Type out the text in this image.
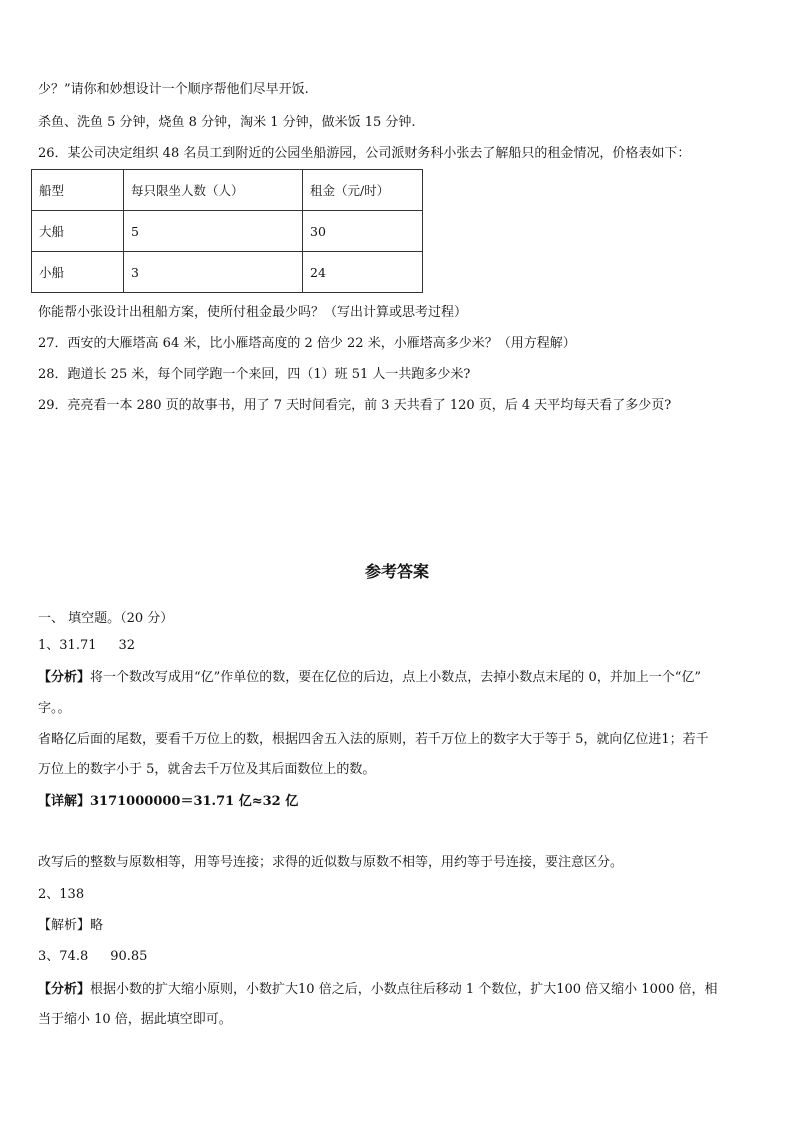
少？”请你和妙想设计一个顺序帮他们尽早开饭.
杀鱼、洗鱼 5 分钟，烧鱼 8 分钟，淘米 1 分钟，做米饭 15 分钟.
26．某公司决定组织 48 名员工到附近的公园坐船游园，公司派财务科小张去了解船只的租金情况，价格表如下：
船型	每只限坐人数（人）	租金（元/时）
大船	5	30
小船	3	24
你能帮小张设计出租船方案，使所付租金最少吗？（写出计算或思考过程）
27．西安的大雁塔高 64 米，比小雁塔高度的 2 倍少 22 米，小雁塔高多少米？（用方程解）
28．跑道长 25 米，每个同学跑一个来回，四（1）班 51 人一共跑多少米?
29．亮亮看一本 280 页的故事书，用了 7 天时间看完，前 3 天共看了 120 页，后 4 天平均每天看了多少页?
参考答案
一、 填空题。（20 分）
1、31.71 32
【分析】将一个数改写成用“亿”作单位的数，要在亿位的后边，点上小数点，去掉小数点末尾的 0，并加上一个“亿”
字。。
省略亿后面的尾数，要看千万位上的数，根据四舍五入法的原则，若千万位上的数字大于等于 5，就向亿位进1；若千
万位上的数字小于 5，就舍去千万位及其后面数位上的数。
【详解】3171000000＝31.71 亿≈32 亿
改写后的整数与原数相等，用等号连接；求得的近似数与原数不相等，用约等于号连接，要注意区分。
2、138
【解析】略
3、74.8 90.85
【分析】根据小数的扩大缩小原则，小数扩大10 倍之后，小数点往后移动 1 个数位，扩大100 倍又缩小 1000 倍，相
当于缩小 10 倍，据此填空即可。
